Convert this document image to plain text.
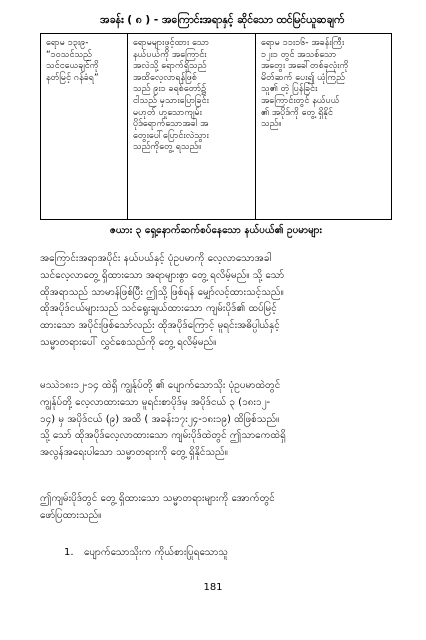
အခန်း ( ၈ ) - အကြောင်းအရာနှင့် ဆိုင်သော ထင်မြင်ယူဆချက်

ရောမ ၁၃း၉-

“၁၀သင်သည်

သင်ငယေချင်ကို

နတ်မြင့် ဂန်ခံရ”

ရောမများဖွင့်ထား သော

နယ်ပယ်ကို အကြောင်း

အလဲသို့ ရောက်ရှိသည်

အထိလေ့လာရန်ဖြစ်

သည် ၉း၁ ခရစ်တော်၌

ငါသည် မှသားပြောခြင်း

မဟုတ် ဟူသောကျမ်း

ပိုဒ်ရောက်သောအခါ အ

တွေးပေါ်ပြောင်းလဲသွား

သည်ကိုတွေ့ ရသည်။

ရောမ ၁၁း၁၆- အခန်းကြီး

၁၂း၁ တွင် အသစ်သော

အတွေး အခေါ်တစ်ခုလုံးကို

မိတ်ဆက် ပေး၍ ယုံကြည်

သူ၏ တဲ့ ပြန်ခြင်း

အကြောင်းတွင် နယ်ပယ်

၏ အပိုဒ်ကို တွေ့ ရှိနိုင်

သည်။

ဇယား ၃ ရှေ့နောက်ဆက်စပ်နေသော နယ်ပယ်၏ ဥပမာများ

အကြောင်းအရာအပိုင်း နယ်ပယ်နှင့် ပုံဥပမာကို လေ့လာသောအခါ
သင်လေ့လာတွေ့ ရှိထားသော အရာများစွာ တွေ့ ရလိမ့်မည်။ သို့ သော်
ထိုအရာသည် သာမာန်ဖြစ်ပြီး ဤသို့ ဖြစ်ရန် မျှော်လင့်ထားသင့်သည်။
ထိုအပိုဒ်ငယ်များသည် သင်ရွေးချယ်ထားသော ကျမ်းပိုဒ်၏ ထပ်မြင့်
ထားသော အပိုင်းဖြစ်သော်လည်း ထိုအပိုဒ်ကြောင့် မူရင်းအဓိပ္ပါယ်နှင့်
သမ္မာတရားပေါ် လွှင်စေသည်ကို တွေ့ ရလိမ့်မည်။

မဿဲ၁၈း၁၂-၁၄ ထဲရှိ ကျွန်ုပ်တို့ ၏ ပျောက်သောသိုး ပုံဥပမာထဲတွင်
ကျွန်ုပ်တို့ လေ့လာထားသော မူရင်းစာပိုဒ်မှ အပိုဒ်ငယ် ၃ (၁၈း၁၂-
၁၄) မှ အပိုဒ်ငယ် (၉) အထိ ( အခန်း၁၇း၂၄-၁၈း၁၉) ထိဖြစ်သည်။
သို့ သော် ထိုအပိုဒ်လေ့လာထားသော ကျမ်းပိုဒ်ထဲတွင် ဤသာကေထဲရှိ
အလွန်အရေးပါသော သမ္မာတရားကို တွေ့ ရှိနိုင်သည်။

ဤကျမ်းပိုဒ်တွင် တွေ့ ရှိထားသော သမ္မာတရားများကို အောက်တွင်
ဖော်ပြထားသည်။

1. ပျောက်သောသိုးက ကိုယ်စားပြုရသောသူ
181
